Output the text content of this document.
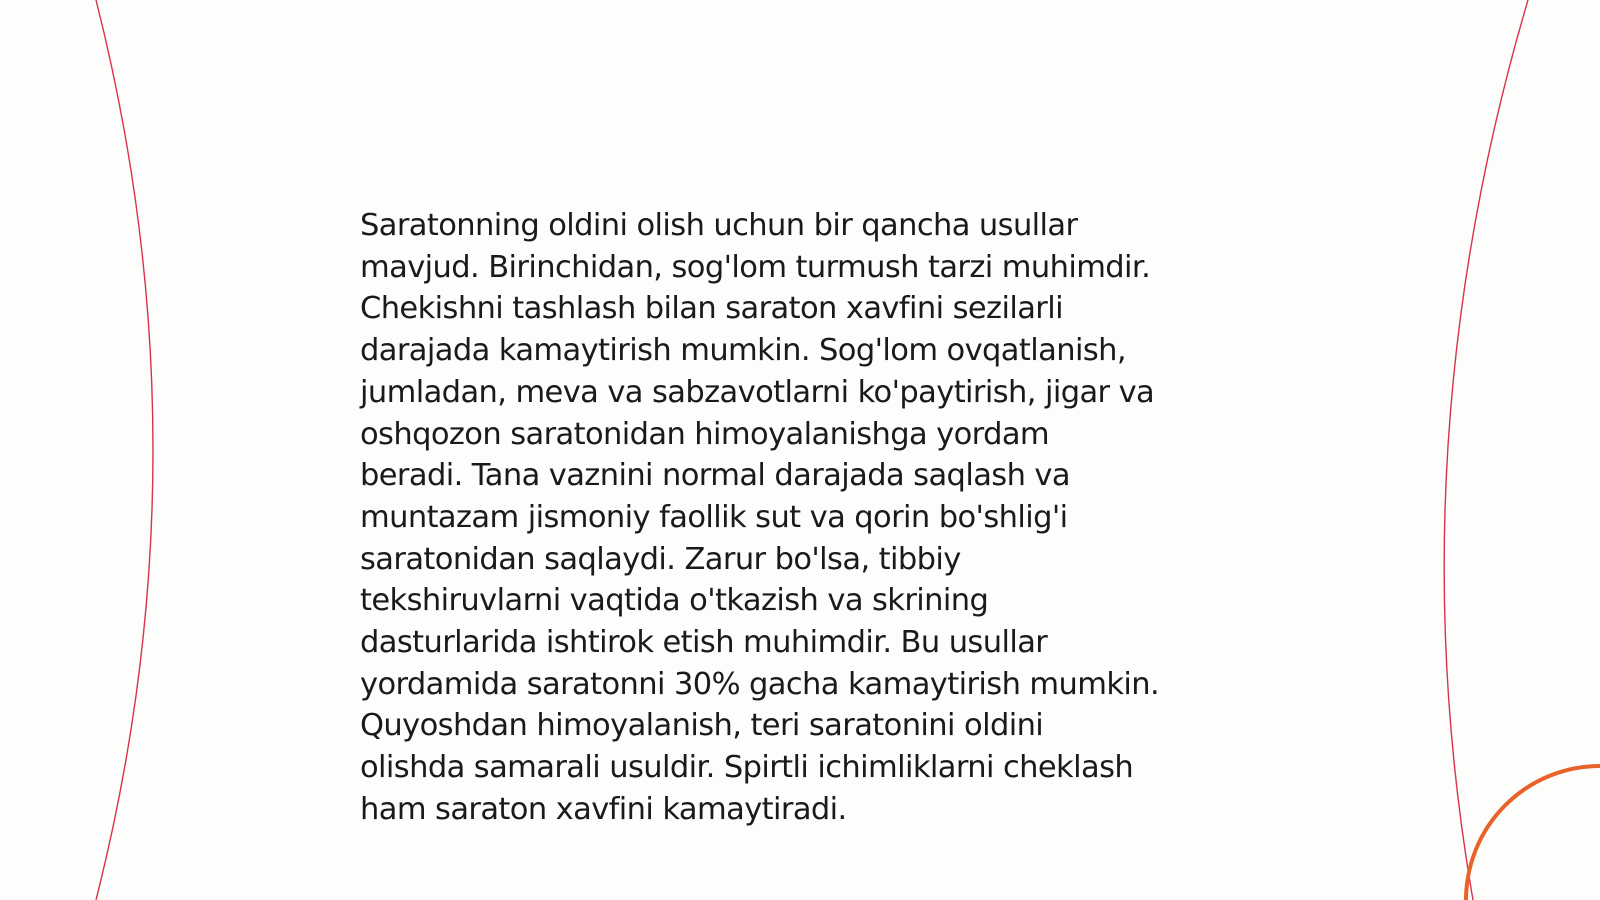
Saratonning oldini olish uchun bir qancha usullar
mavjud. Birinchidan, sog'lom turmush tarzi muhimdir.
Chekishni tashlash bilan saraton xavfini sezilarli
darajada kamaytirish mumkin. Sog'lom ovqatlanish,
jumladan, meva va sabzavotlarni ko'paytirish, jigar va
oshqozon saratonidan himoyalanishga yordam
beradi. Tana vaznini normal darajada saqlash va
muntazam jismoniy faollik sut va qorin bo'shlig'i
saratonidan saqlaydi. Zarur bo'lsa, tibbiy
tekshiruvlarni vaqtida o'tkazish va skrining
dasturlarida ishtirok etish muhimdir. Bu usullar
yordamida saratonni 30% gacha kamaytirish mumkin.
Quyoshdan himoyalanish, teri saratonini oldini
olishda samarali usuldir. Spirtli ichimliklarni cheklash
ham saraton xavfini kamaytiradi.
